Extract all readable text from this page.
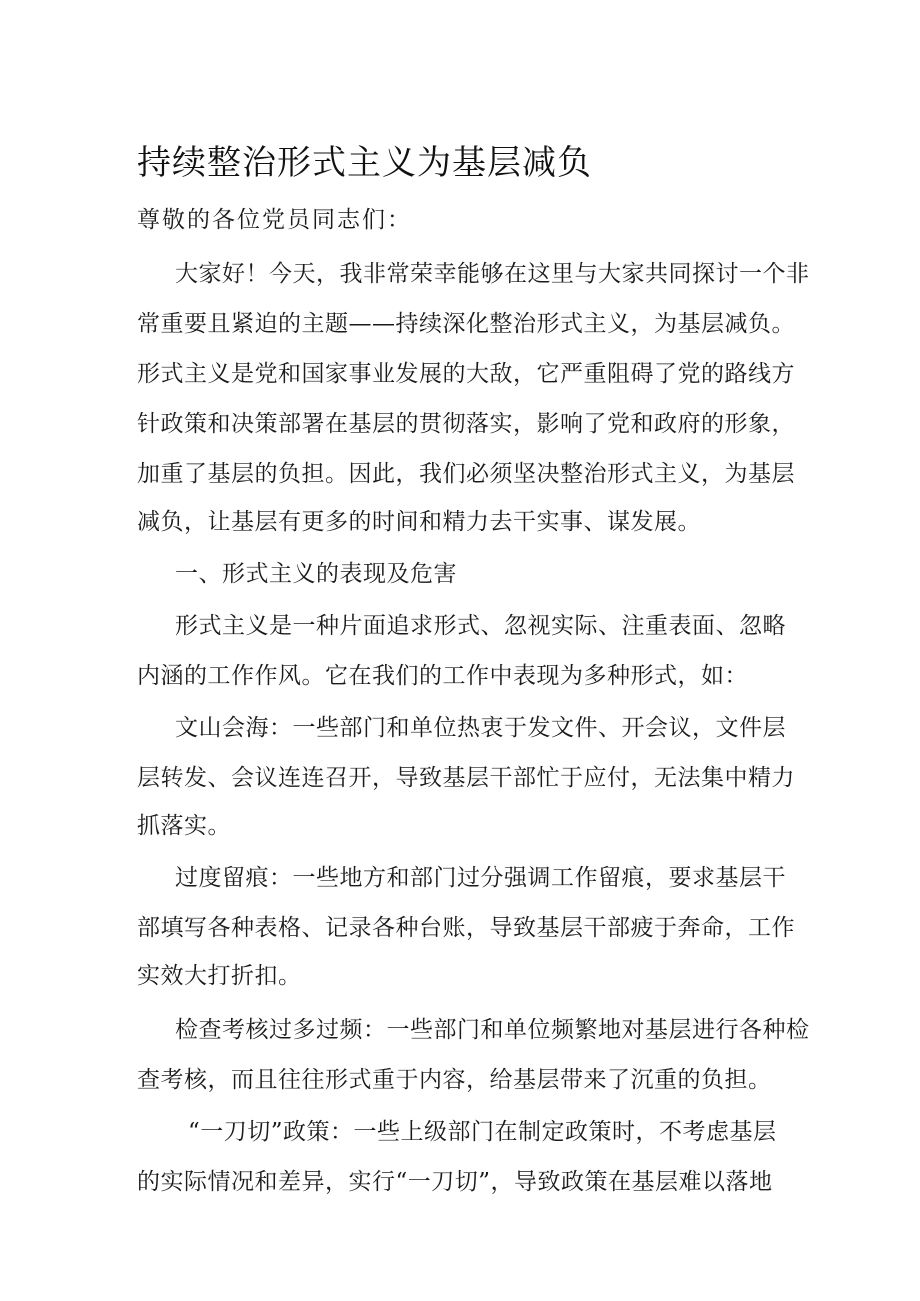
持续整治形式主义为基层减负
尊敬的各位党员同志们：
大家好！今天，我非常荣幸能够在这里与大家共同探讨一个非
常重要且紧迫的主题——持续深化整治形式主义，为基层减负。
形式主义是党和国家事业发展的大敌，它严重阻碍了党的路线方
针政策和决策部署在基层的贯彻落实，影响了党和政府的形象，
加重了基层的负担。因此，我们必须坚决整治形式主义，为基层
减负，让基层有更多的时间和精力去干实事、谋发展。
一、形式主义的表现及危害
形式主义是一种片面追求形式、忽视实际、注重表面、忽略
内涵的工作作风。它在我们的工作中表现为多种形式，如：
文山会海：一些部门和单位热衷于发文件、开会议，文件层
层转发、会议连连召开，导致基层干部忙于应付，无法集中精力
抓落实。
过度留痕：一些地方和部门过分强调工作留痕，要求基层干
部填写各种表格、记录各种台账，导致基层干部疲于奔命，工作
实效大打折扣。
检查考核过多过频：一些部门和单位频繁地对基层进行各种检
查考核，而且往往形式重于内容，给基层带来了沉重的负担。
“一刀切”政策：一些上级部门在制定政策时，不考虑基层
的实际情况和差异，实行“一刀切”，导致政策在基层难以落地
